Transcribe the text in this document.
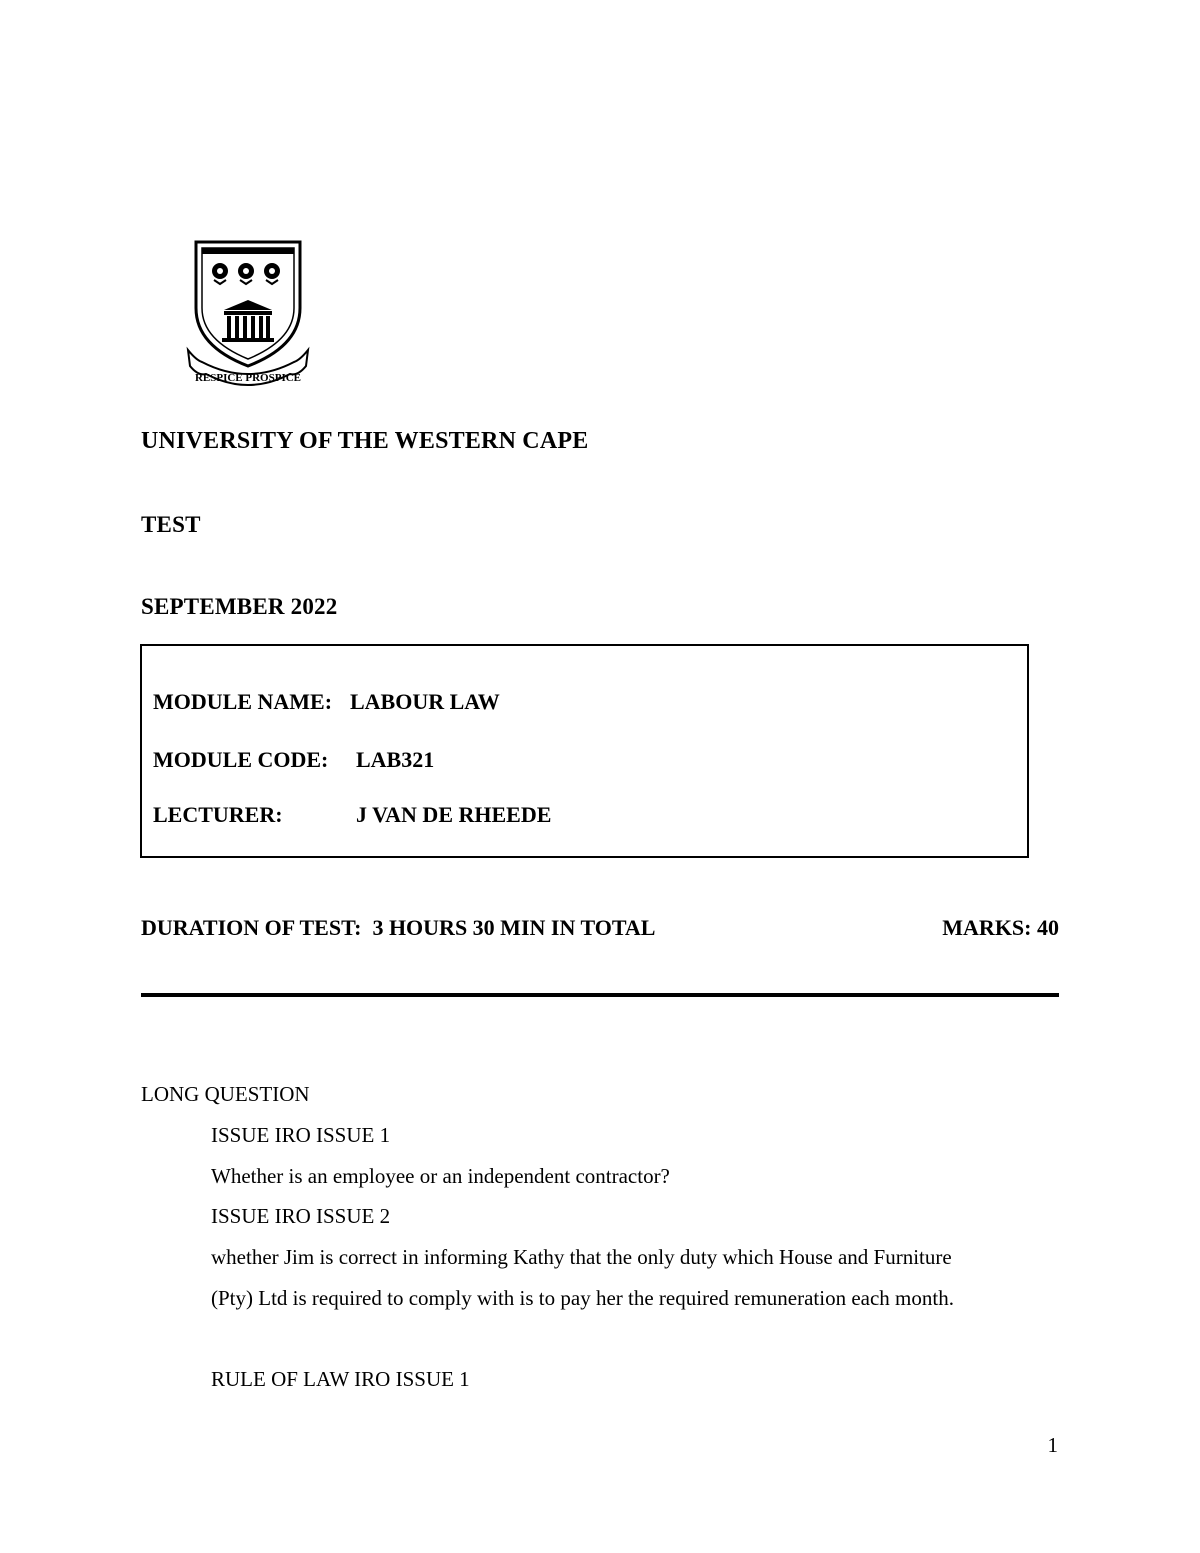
RESPICE PROSPICE
UNIVERSITY OF THE WESTERN CAPE
TEST
SEPTEMBER 2022
MODULE NAME: LABOUR LAW
MODULE CODE: LAB321
LECTURER:	J VAN DE RHEEDE
DURATION OF TEST:  3 HOURS 30 MIN IN TOTAL	MARKS: 40
LONG QUESTION
ISSUE IRO ISSUE 1
Whether is an employee or an independent contractor?
ISSUE IRO ISSUE 2
whether Jim is correct in informing Kathy that the only duty which House and Furniture
(Pty) Ltd is required to comply with is to pay her the required remuneration each month.
RULE OF LAW IRO ISSUE 1
1
